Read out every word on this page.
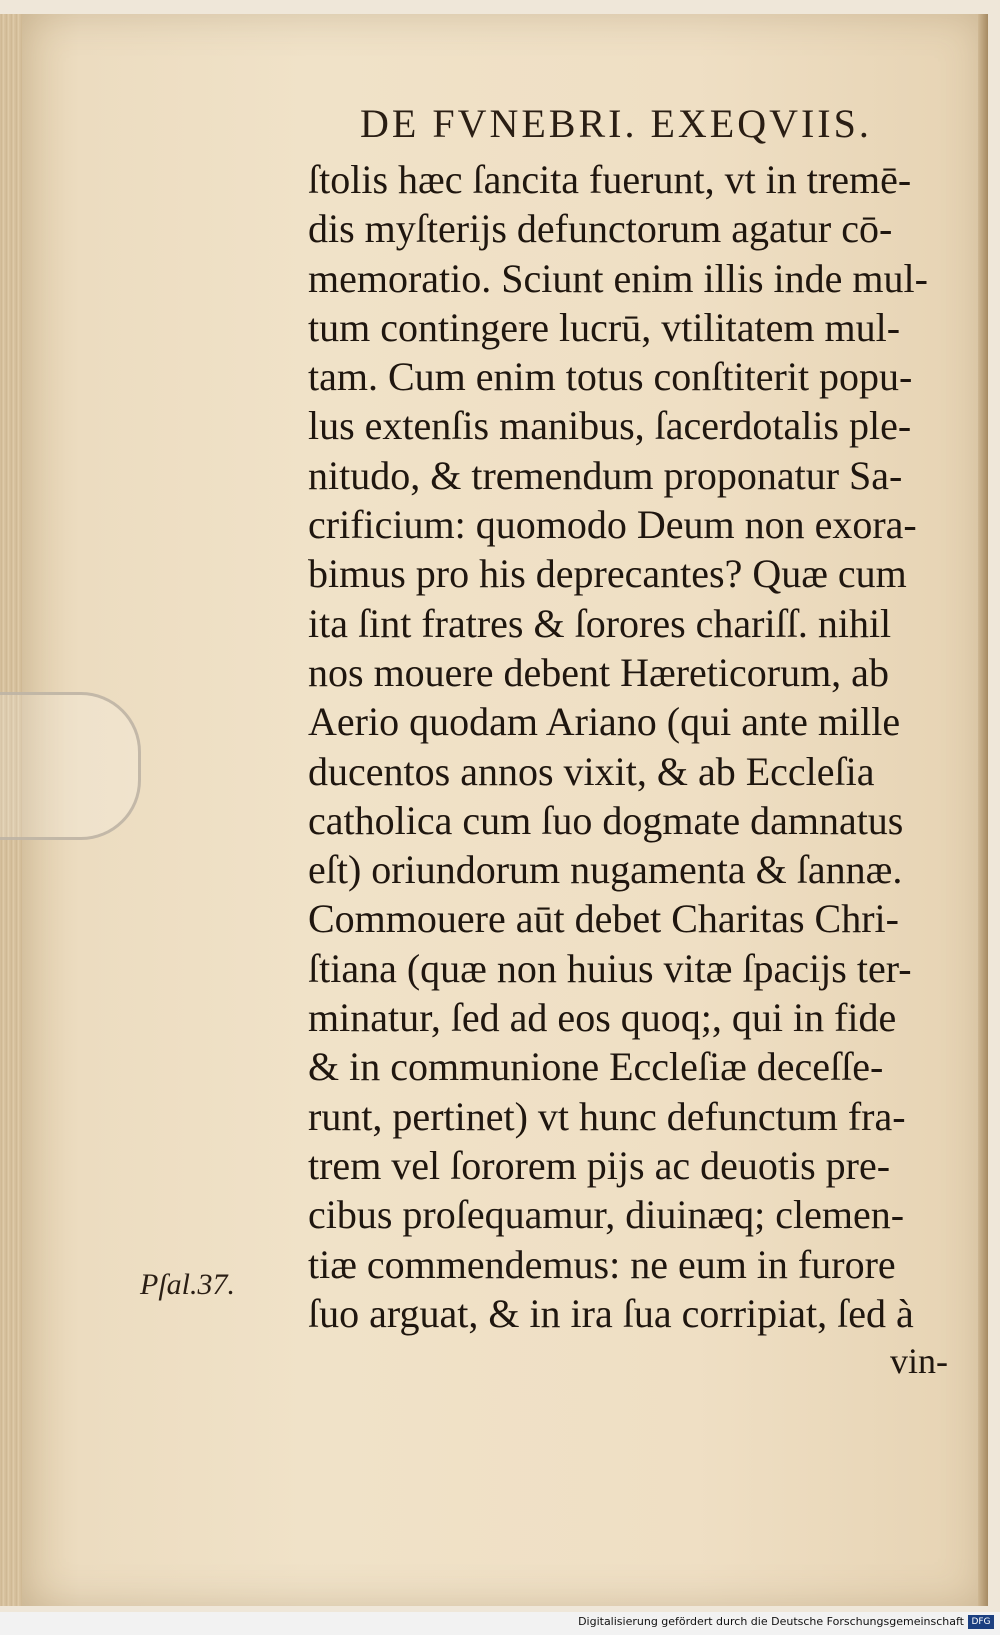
DE FVNEBRI. EXEQVIIS.
ſtolis hæc ſancita fuerunt, vt in tremē-
dis myſterijs defunctorum agatur cō-
memoratio. Sciunt enim illis inde mul-
tum contingere lucrū, vtilitatem mul-
tam. Cum enim totus conſtiterit popu-
lus extenſis manibus, ſacerdotalis ple-
nitudo, & tremendum proponatur Sa-
crificium: quomodo Deum non exora-
bimus pro his deprecantes? Quæ cum
ita ſint fratres & ſorores chariſſ. nihil
nos mouere debent Hæreticorum, ab
Aerio quodam Ariano (qui ante mille
ducentos annos vixit, & ab Eccleſia
catholica cum ſuo dogmate damnatus
eſt) oriundorum nugamenta & ſannæ.
Commouere aūt debet Charitas Chri-
ſtiana (quæ non huius vitæ ſpacijs ter-
minatur, ſed ad eos quoq;, qui in fide
& in communione Eccleſiæ deceſſe-
runt, pertinet) vt hunc defunctum fra-
trem vel ſororem pijs ac deuotis pre-
cibus proſequamur, diuinæq; clemen-
tiæ commendemus: ne eum in furore
ſuo arguat, & in ira ſua corripiat, ſed à
Pſal.37.
vin-
Digitalisierung gefördert durch die Deutsche Forschungsgemeinschaft DFG
